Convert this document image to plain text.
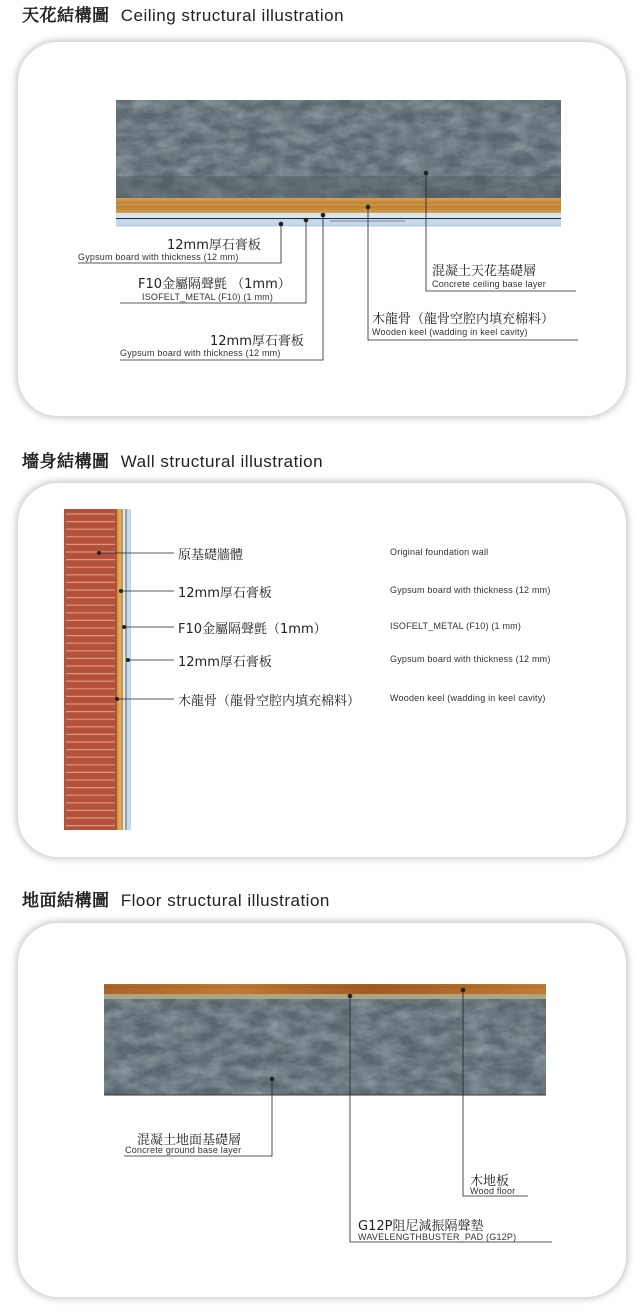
天花結構圖 Ceiling structural illustration
12mm厚石膏板
Gypsum board with thickness (12 mm)
F10金屬隔聲氈 （1mm）
ISOFELT_METAL (F10) (1 mm)
12mm厚石膏板
Gypsum board with thickness (12 mm)
混凝土天花基礎層
Concrete ceiling base layer
木龍骨（龍骨空腔内填充棉料）
Wooden keel (wadding in keel cavity)
墻身結構圖 Wall structural illustration
原基礎牆體	Original foundation wall
12mm厚石膏板	Gypsum board with thickness (12 mm)
F10金屬隔聲氈（1mm）	ISOFELT_METAL (F10) (1 mm)
12mm厚石膏板	Gypsum board with thickness (12 mm)
木龍骨（龍骨空腔内填充棉料）	Wooden keel (wadding in keel cavity)
地面結構圖 Floor structural illustration
混凝土地面基礎層
Concrete ground base layer
木地板
Wood floor
G12P阻尼減振隔聲墊
WAVELENGTHBUSTER_PAD (G12P)
